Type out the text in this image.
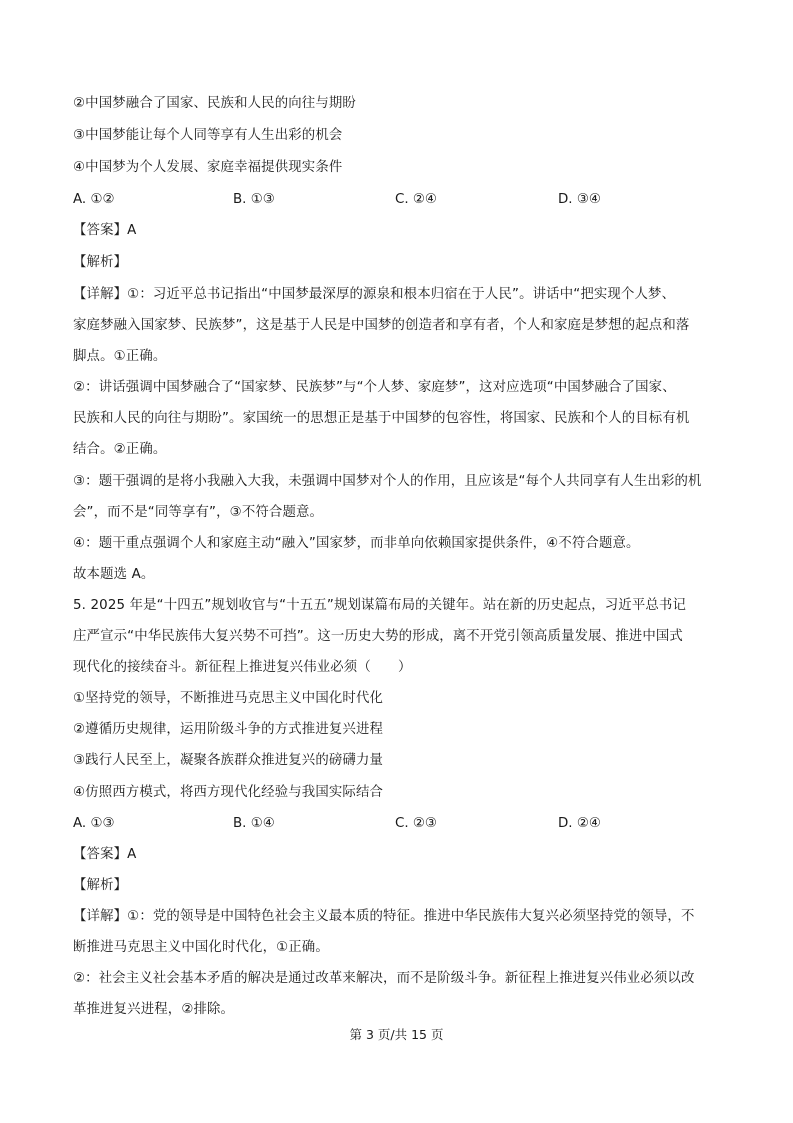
②中国梦融合了国家、民族和人民的向往与期盼
③中国梦能让每个人同等享有人生出彩的机会
④中国梦为个人发展、家庭幸福提供现实条件
A. ①②	B. ①③	C. ②④	D. ③④
【答案】A
【解析】
【详解】①：习近平总书记指出“中国梦最深厚的源泉和根本归宿在于人民”。讲话中“把实现个人梦、
家庭梦融入国家梦、民族梦”，这是基于人民是中国梦的创造者和享有者，个人和家庭是梦想的起点和落
脚点。①正确。
②：讲话强调中国梦融合了“国家梦、民族梦”与“个人梦、家庭梦”，这对应选项“中国梦融合了国家、
民族和人民的向往与期盼”。家国统一的思想正是基于中国梦的包容性，将国家、民族和个人的目标有机
结合。②正确。
③：题干强调的是将小我融入大我，未强调中国梦对个人的作用，且应该是“每个人共同享有人生出彩的机
会”，而不是“同等享有”，③不符合题意。
④：题干重点强调个人和家庭主动“融入”国家梦，而非单向依赖国家提供条件，④不符合题意。
故本题选 A。
5. 2025 年是“十四五”规划收官与“十五五”规划谋篇布局的关键年。站在新的历史起点，习近平总书记
庄严宣示“中华民族伟大复兴势不可挡”。这一历史大势的形成，离不开党引领高质量发展、推进中国式
现代化的接续奋斗。新征程上推进复兴伟业必须（　　）
①坚持党的领导，不断推进马克思主义中国化时代化
②遵循历史规律，运用阶级斗争的方式推进复兴进程
③践行人民至上，凝聚各族群众推进复兴的磅礴力量
④仿照西方模式，将西方现代化经验与我国实际结合
A. ①③	B. ①④	C. ②③	D. ②④
【答案】A
【解析】
【详解】①：党的领导是中国特色社会主义最本质的特征。推进中华民族伟大复兴必须坚持党的领导，不
断推进马克思主义中国化时代化，①正确。
②：社会主义社会基本矛盾的解决是通过改革来解决，而不是阶级斗争。新征程上推进复兴伟业必须以改
革推进复兴进程，②排除。
第 3 页/共 15 页
